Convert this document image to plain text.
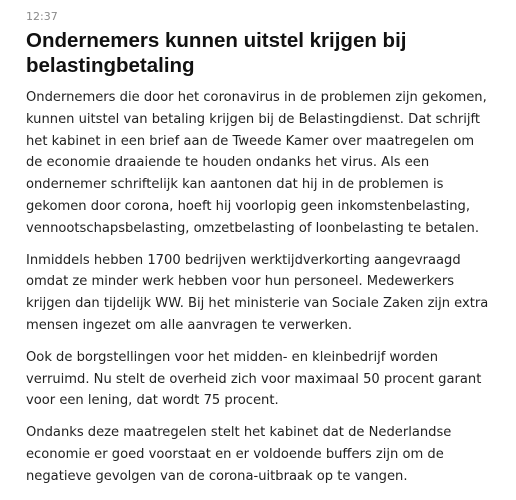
12:37
Ondernemers kunnen uitstel krijgen bij belastingbetaling

Ondernemers die door het coronavirus in de problemen zijn gekomen, kunnen uitstel van betaling krijgen bij de Belastingdienst. Dat schrijft het kabinet in een brief aan de Tweede Kamer over maatregelen om de economie draaiende te houden ondanks het virus. Als een ondernemer schriftelijk kan aantonen dat hij in de problemen is gekomen door corona, hoeft hij voorlopig geen inkomstenbelasting, vennootschapsbelasting, omzetbelasting of loonbelasting te betalen.

Inmiddels hebben 1700 bedrijven werktijdverkorting aangevraagd omdat ze minder werk hebben voor hun personeel. Medewerkers krijgen dan tijdelijk WW. Bij het ministerie van Sociale Zaken zijn extra mensen ingezet om alle aanvragen te verwerken.

Ook de borgstellingen voor het midden- en kleinbedrijf worden verruimd. Nu stelt de overheid zich voor maximaal 50 procent garant voor een lening, dat wordt 75 procent.

Ondanks deze maatregelen stelt het kabinet dat de Nederlandse economie er goed voorstaat en er voldoende buffers zijn om de negatieve gevolgen van de corona-uitbraak op te vangen.
